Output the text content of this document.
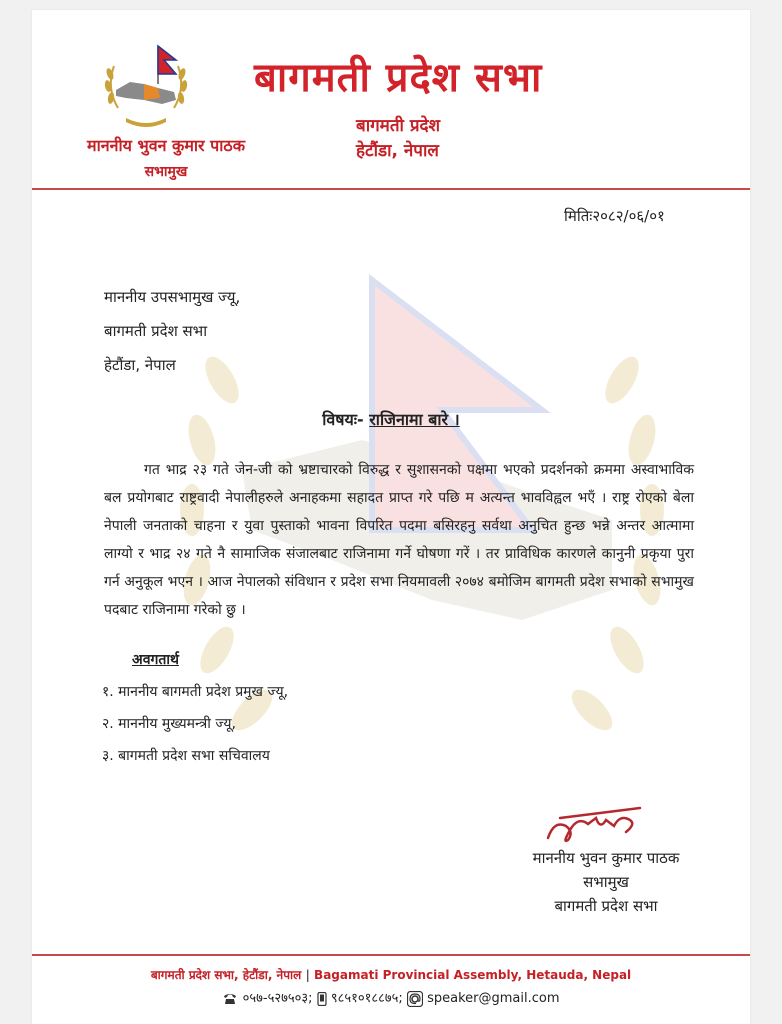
बागमती प्रदेश सभा
बागमती प्रदेश
हेटौंडा, नेपाल
माननीय भुवन कुमार पाठक
सभामुख
मितिः२०८२/०६/०१
माननीय उपसभामुख ज्यू,
बागमती प्रदेश सभा
हेटौंडा, नेपाल
विषयः- राजिनामा बारे ।
गत भाद्र २३ गते जेन-जी को भ्रष्टाचारको विरुद्ध र सुशासनको पक्षमा भएको प्रदर्शनको क्रममा अस्वाभाविक बल प्रयोगबाट राष्ट्रवादी नेपालीहरुले अनाहकमा सहादत प्राप्त गरे पछि म अत्यन्त भावविह्वल भएँ । राष्ट्र रोएको बेला नेपाली जनताको चाहना र युवा पुस्ताको भावना विपरित पदमा बसिरहनु सर्वथा अनुचित हुन्छ भन्ने अन्तर आत्मामा लाग्यो र भाद्र २४ गते नै सामाजिक संजालबाट राजिनामा गर्ने घोषणा गरें । तर प्राविधिक कारणले कानुनी प्रकृया पुरा गर्न अनुकूल भएन । आज नेपालको संविधान र प्रदेश सभा नियमावली २०७४ बमोजिम बागमती प्रदेश सभाको सभामुख पदबाट राजिनामा गरेको छु ।
अवगतार्थ
१. माननीय बागमती प्रदेश प्रमुख ज्यू,
२. माननीय मुख्यमन्त्री ज्यू,
३. बागमती प्रदेश सभा सचिवालय
माननीय भुवन कुमार पाठक
सभामुख
बागमती प्रदेश सभा
बागमती प्रदेश सभा, हेटौंडा, नेपाल | Bagamati Provincial Assembly, Hetauda, Nepal
०५७-५२७५०३; ९८५१०१८८७५; speaker@gmail.com
